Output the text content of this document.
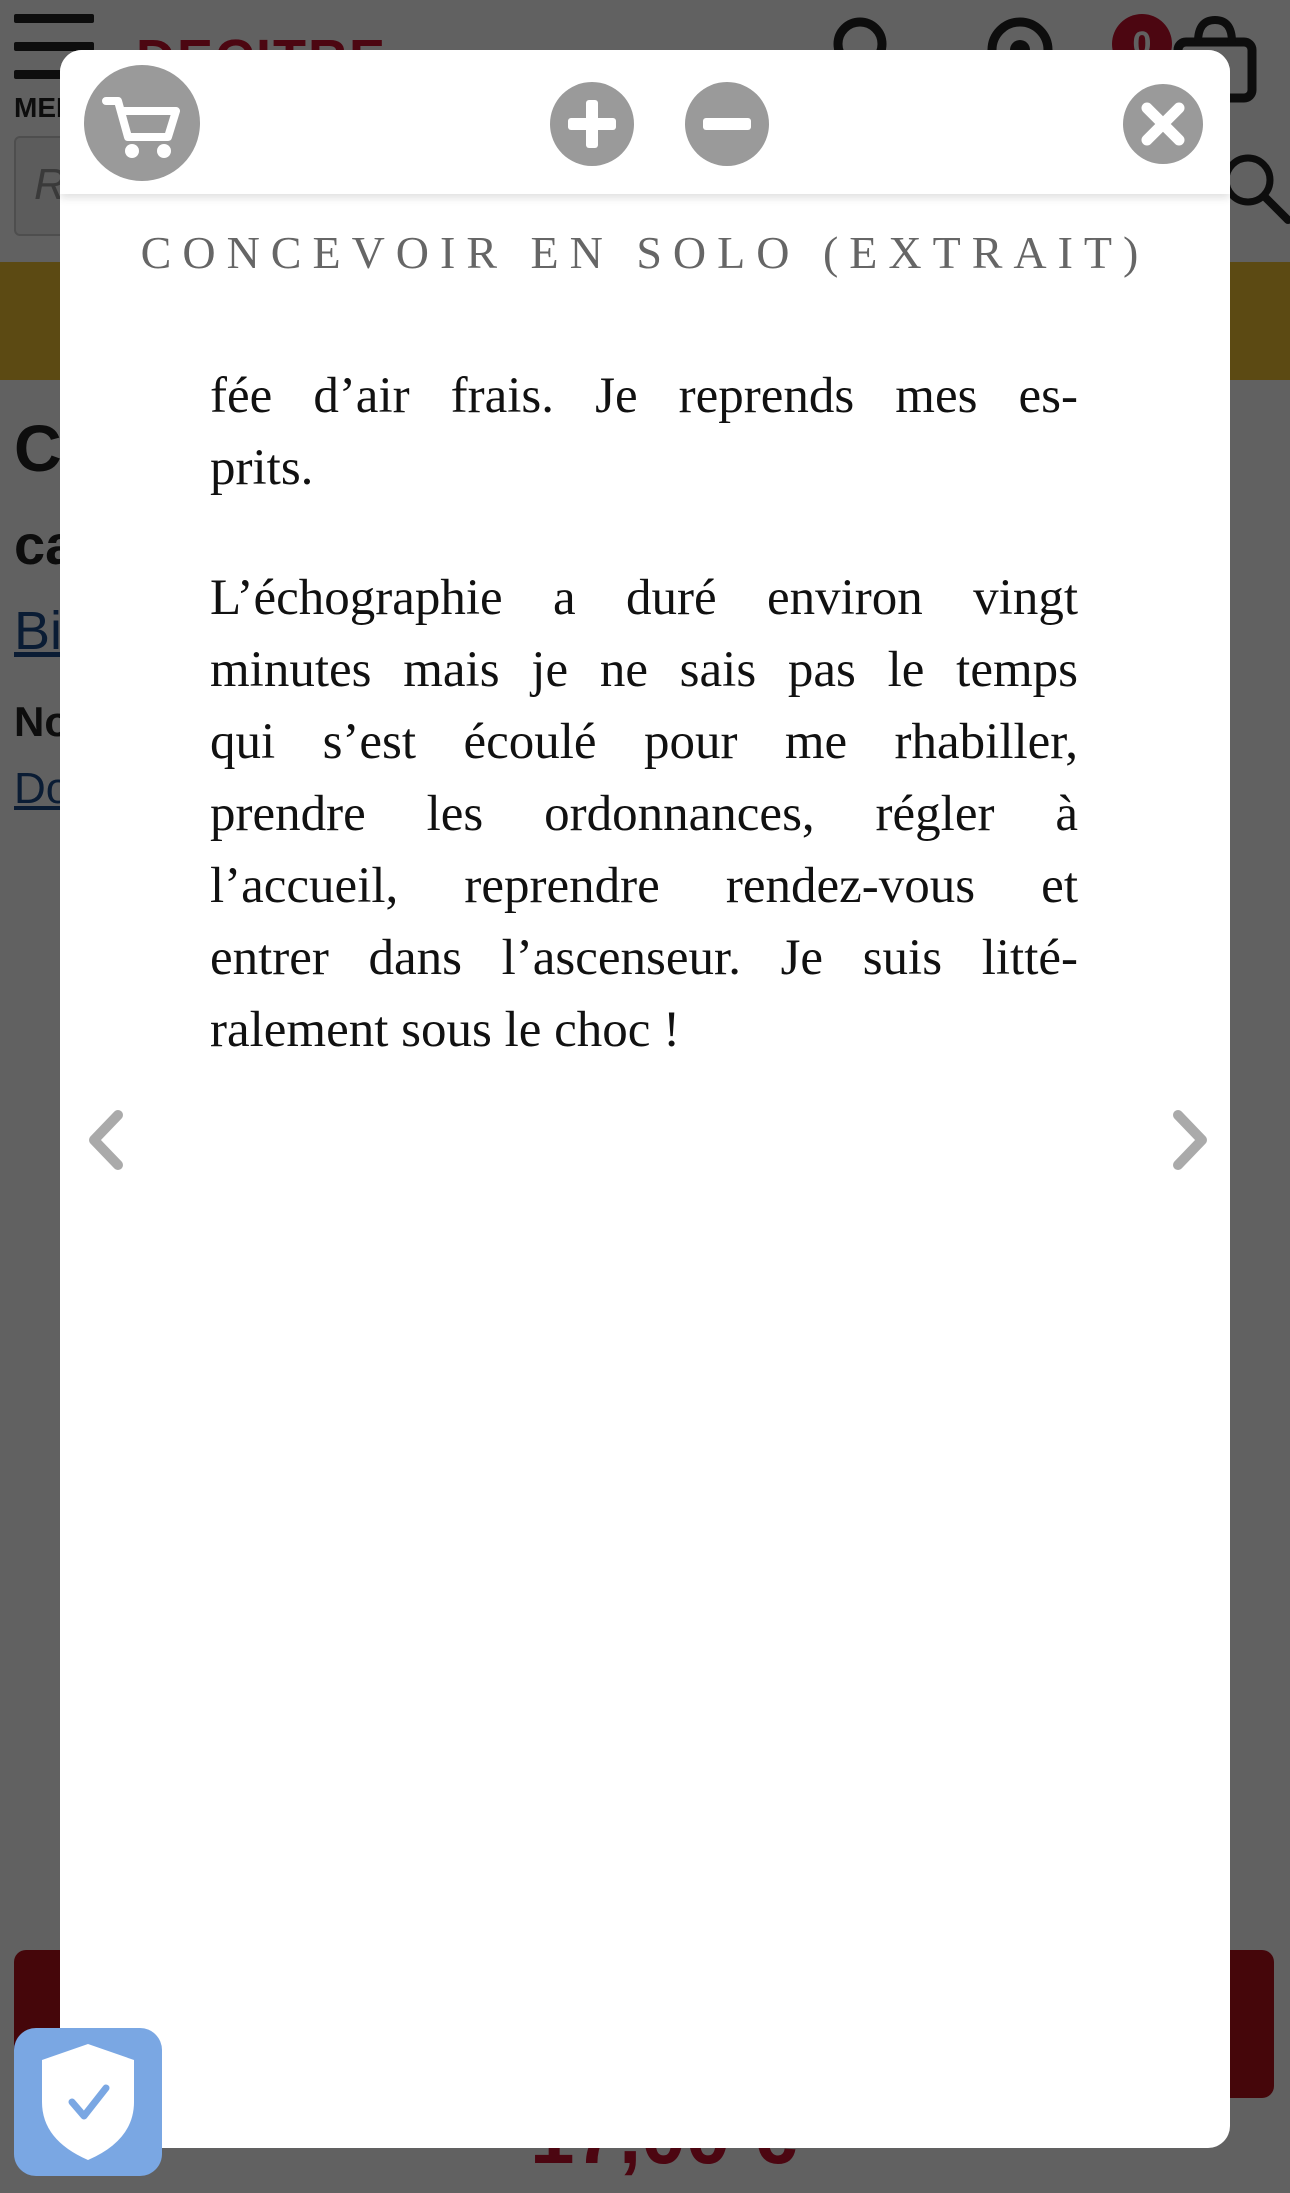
CONCEVOIR EN SOLO (EXTRAIT)

fée d’air frais. Je reprends mes es-
prits.

L’échographie a duré environ vingt
minutes mais je ne sais pas le temps
qui s’est écoulé pour me rhabiller,
prendre les ordonnances, régler à
l’accueil, reprendre rendez-vous et
entrer dans l’ascenseur. Je suis litté-
ralement sous le choc !
